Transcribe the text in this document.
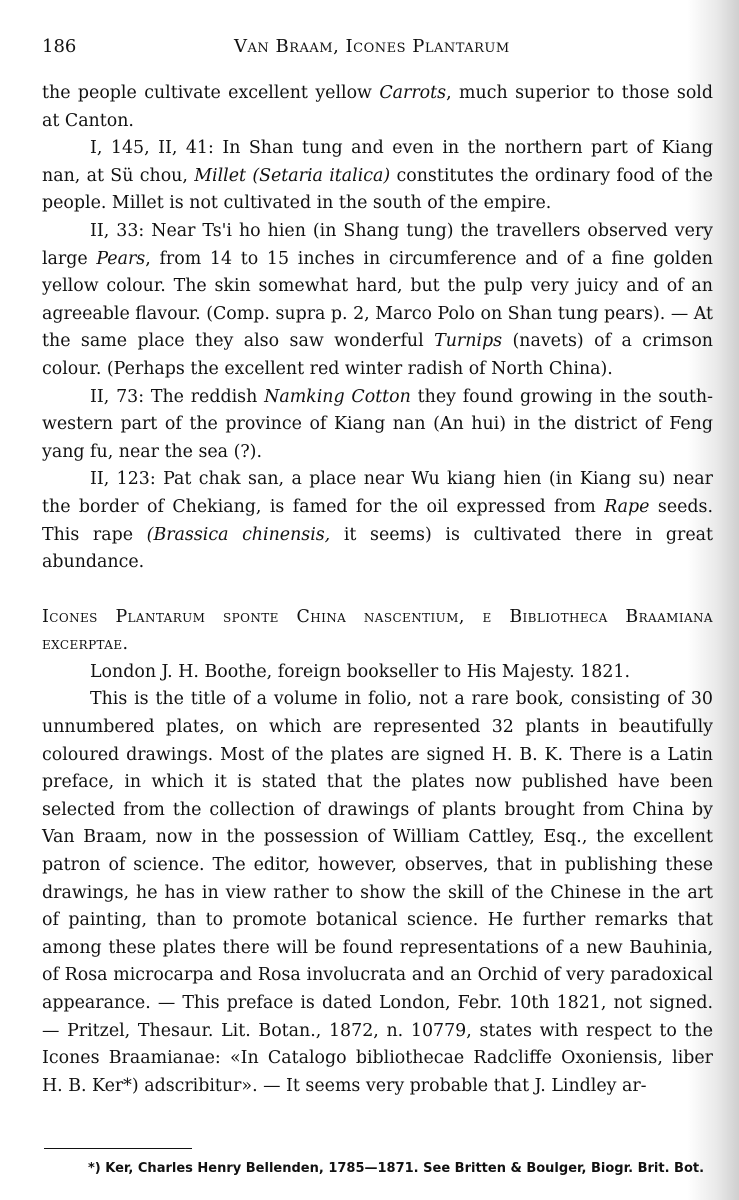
186	Van Braam, Icones Plantarum

the people cultivate excellent yellow Carrots, much superior to those sold at Canton.

I, 145, II, 41: In Shan tung and even in the northern part of Kiang nan, at Sü chou, Millet (Setaria italica) constitutes the ordinary food of the people. Millet is not cultivated in the south of the empire.

II, 33: Near Ts'i ho hien (in Shang tung) the travellers observed very large Pears, from 14 to 15 inches in circumference and of a fine golden yellow colour. The skin somewhat hard, but the pulp very juicy and of an agreeable flavour. (Comp. supra p. 2, Marco Polo on Shan tung pears). — At the same place they also saw wonderful Turnips (navets) of a crimson colour. (Perhaps the excellent red winter radish of North China).

II, 73: The reddish Namking Cotton they found growing in the south-western part of the province of Kiang nan (An hui) in the district of Feng yang fu, near the sea (?).

II, 123: Pat chak san, a place near Wu kiang hien (in Kiang su) near the border of Chekiang, is famed for the oil expressed from Rape seeds. This rape (Brassica chinensis, it seems) is cultivated there in great abundance.

Icones Plantarum sponte China nascentium, e Bibliotheca Braamiana excerptae.

London J. H. Boothe, foreign bookseller to His Majesty. 1821.

This is the title of a volume in folio, not a rare book, consisting of 30 unnumbered plates, on which are represented 32 plants in beautifully coloured drawings. Most of the plates are signed H. B. K. There is a Latin preface, in which it is stated that the plates now published have been selected from the collection of drawings of plants brought from China by Van Braam, now in the possession of William Cattley, Esq., the excellent patron of science. The editor, however, observes, that in publishing these drawings, he has in view rather to show the skill of the Chinese in the art of painting, than to promote botanical science. He further remarks that among these plates there will be found representations of a new Bauhinia, of Rosa microcarpa and Rosa involucrata and an Orchid of very paradoxical appearance. — This preface is dated London, Febr. 10th 1821, not signed.— Pritzel, Thesaur. Lit. Botan., 1872, n. 10779, states with respect to the Icones Braamianae: «In Catalogo bibliothecae Radcliffe Oxoniensis, liber H. B. Ker*) adscribitur». — It seems very probable that J. Lindley ar-

*) Ker, Charles Henry Bellenden, 1785—1871. See Britten & Boulger, Biogr. Brit. Bot.
